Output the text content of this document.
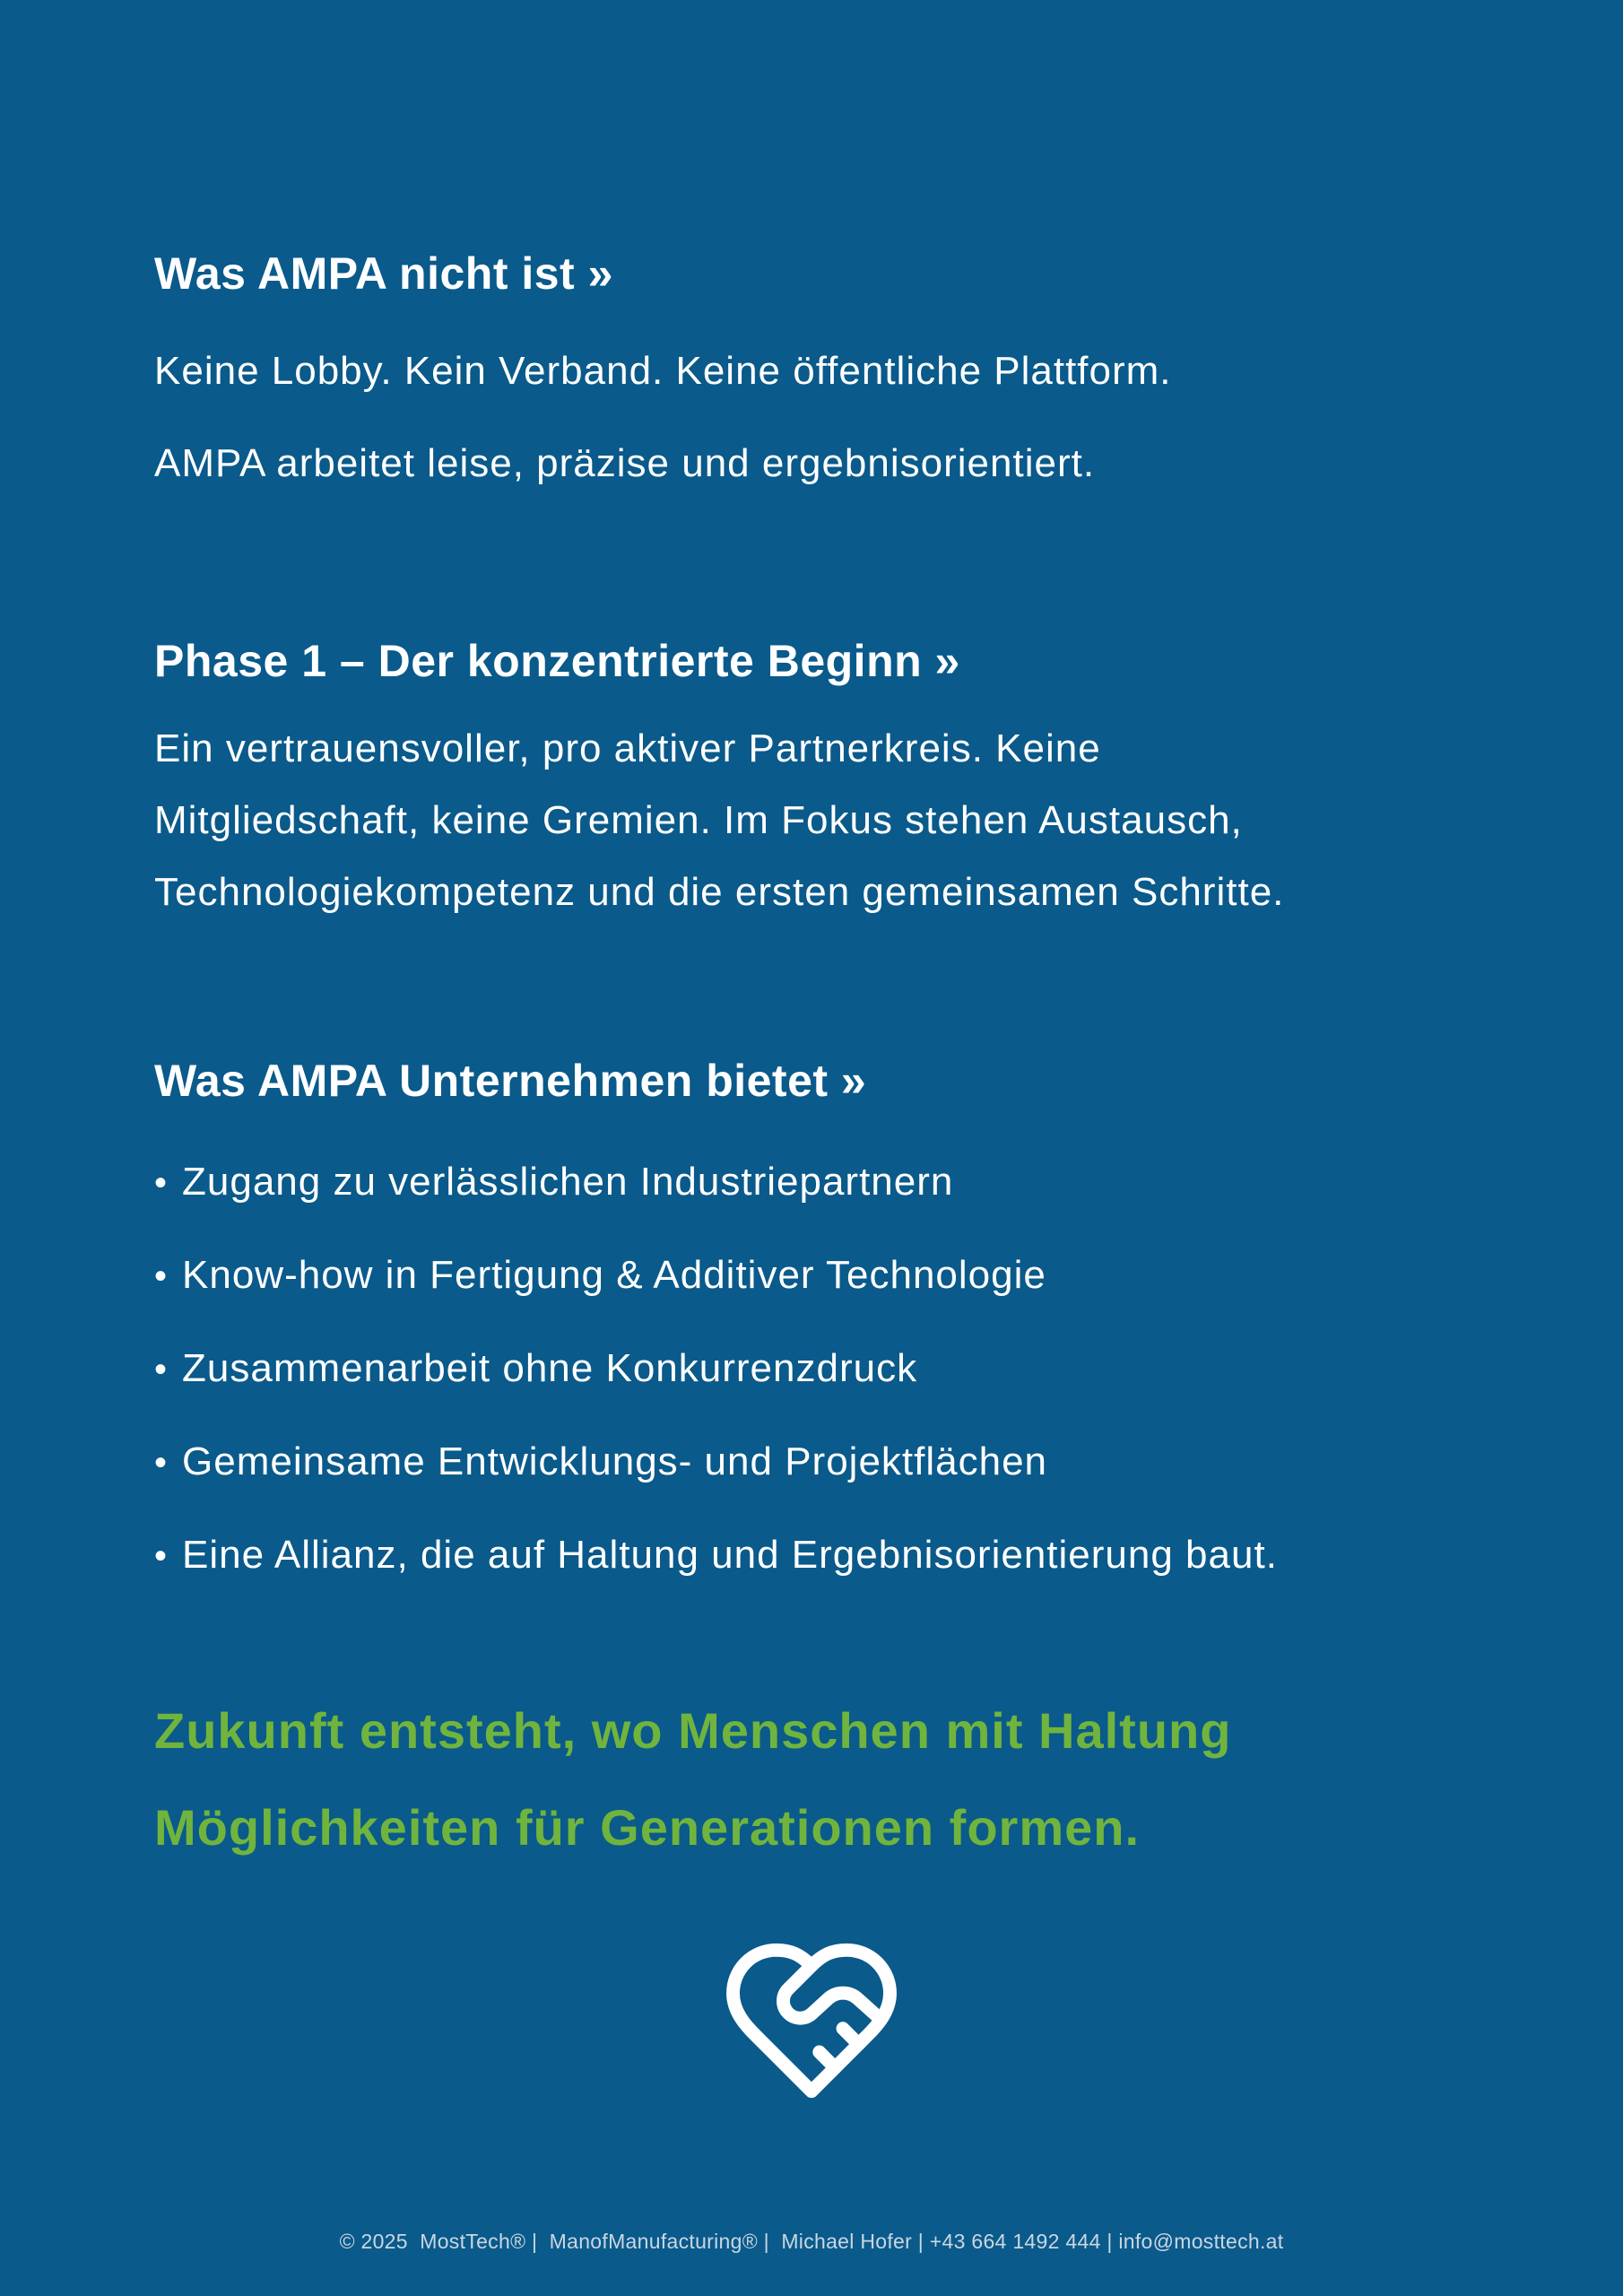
Was AMPA nicht ist »
Keine Lobby. Kein Verband. Keine öffentliche Plattform.
AMPA arbeitet leise, präzise und ergebnisorientiert.
Phase 1 – Der konzentrierte Beginn »
Ein vertrauensvoller, pro aktiver Partnerkreis. Keine
Mitgliedschaft, keine Gremien. Im Fokus stehen Austausch,
Technologiekompetenz und die ersten gemeinsamen Schritte.
Was AMPA Unternehmen bietet »
• Zugang zu verlässlichen Industriepartnern
• Know-how in Fertigung & Additiver Technologie
• Zusammenarbeit ohne Konkurrenzdruck
• Gemeinsame Entwicklungs- und Projektflächen
• Eine Allianz, die auf Haltung und Ergebnisorientierung baut.
Zukunft entsteht, wo Menschen mit Haltung
Möglichkeiten für Generationen formen.
© 2025  MostTech® |  ManofManufacturing® |  Michael Hofer | +43 664 1492 444 | info@mosttech.at
